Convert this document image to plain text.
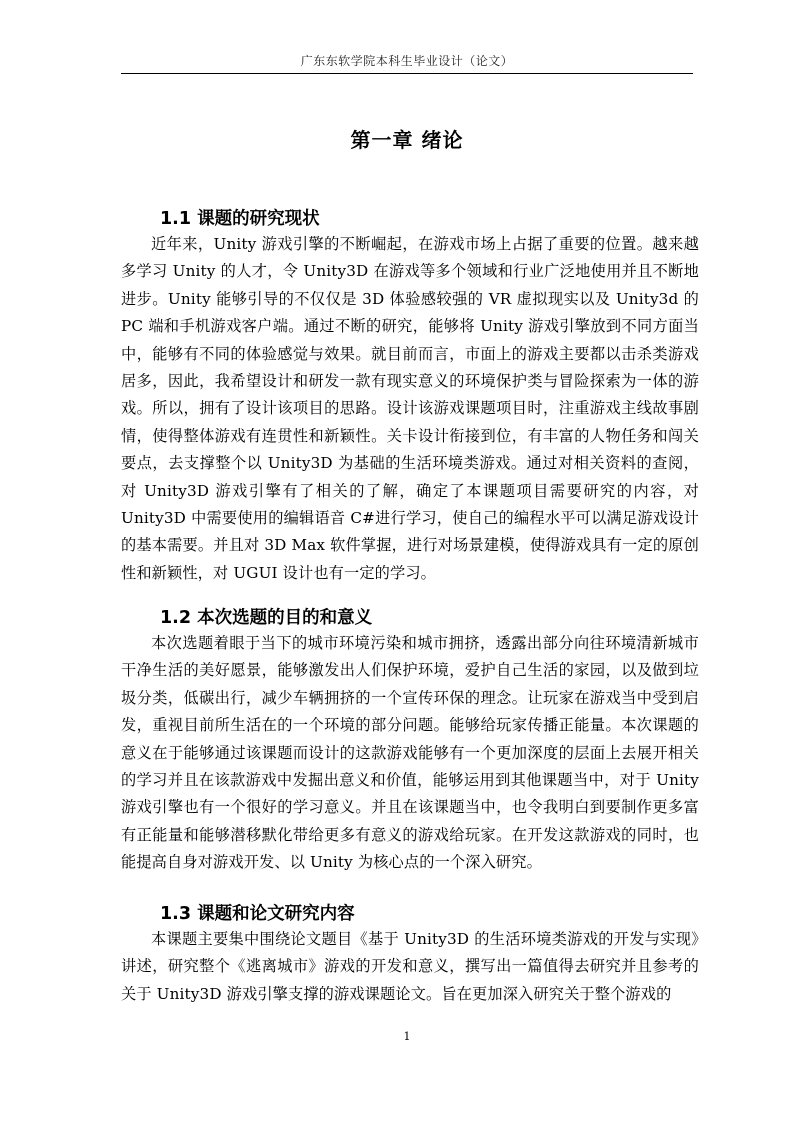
广东东软学院本科生毕业设计（论文）
第一章 绪论
1.1 课题的研究现状

近年来，Unity 游戏引擎的不断崛起，在游戏市场上占据了重要的位置。越来越多学习 Unity 的人才，令 Unity3D 在游戏等多个领域和行业广泛地使用并且不断地进步。Unity 能够引导的不仅仅是 3D 体验感较强的 VR 虚拟现实以及 Unity3d 的 PC 端和手机游戏客户端。通过不断的研究，能够将 Unity 游戏引擎放到不同方面当中，能够有不同的体验感觉与效果。就目前而言，市面上的游戏主要都以击杀类游戏居多，因此，我希望设计和研发一款有现实意义的环境保护类与冒险探索为一体的游戏。所以，拥有了设计该项目的思路。设计该游戏课题项目时，注重游戏主线故事剧情，使得整体游戏有连贯性和新颖性。关卡设计衔接到位，有丰富的人物任务和闯关要点，去支撑整个以 Unity3D 为基础的生活环境类游戏。通过对相关资料的查阅，对 Unity3D 游戏引擎有了相关的了解，确定了本课题项目需要研究的内容，对 Unity3D 中需要使用的编辑语音 C#进行学习，使自己的编程水平可以满足游戏设计的基本需要。并且对 3D Max 软件掌握，进行对场景建模，使得游戏具有一定的原创性和新颖性，对 UGUI 设计也有一定的学习。

1.2 本次选题的目的和意义

本次选题着眼于当下的城市环境污染和城市拥挤，透露出部分向往环境清新城市干净生活的美好愿景，能够激发出人们保护环境，爱护自己生活的家园，以及做到垃圾分类，低碳出行，减少车辆拥挤的一个宣传环保的理念。让玩家在游戏当中受到启发，重视目前所生活在的一个环境的部分问题。能够给玩家传播正能量。本次课题的意义在于能够通过该课题而设计的这款游戏能够有一个更加深度的层面上去展开相关的学习并且在该款游戏中发掘出意义和价值，能够运用到其他课题当中，对于 Unity 游戏引擎也有一个很好的学习意义。并且在该课题当中，也令我明白到要制作更多富有正能量和能够潜移默化带给更多有意义的游戏给玩家。在开发这款游戏的同时，也能提高自身对游戏开发、以 Unity 为核心点的一个深入研究。

1.3 课题和论文研究内容

本课题主要集中围绕论文题目《基于 Unity3D 的生活环境类游戏的开发与实现》讲述，研究整个《逃离城市》游戏的开发和意义，撰写出一篇值得去研究并且参考的关于 Unity3D 游戏引擎支撑的游戏课题论文。旨在更加深入研究关于整个游戏的

1
